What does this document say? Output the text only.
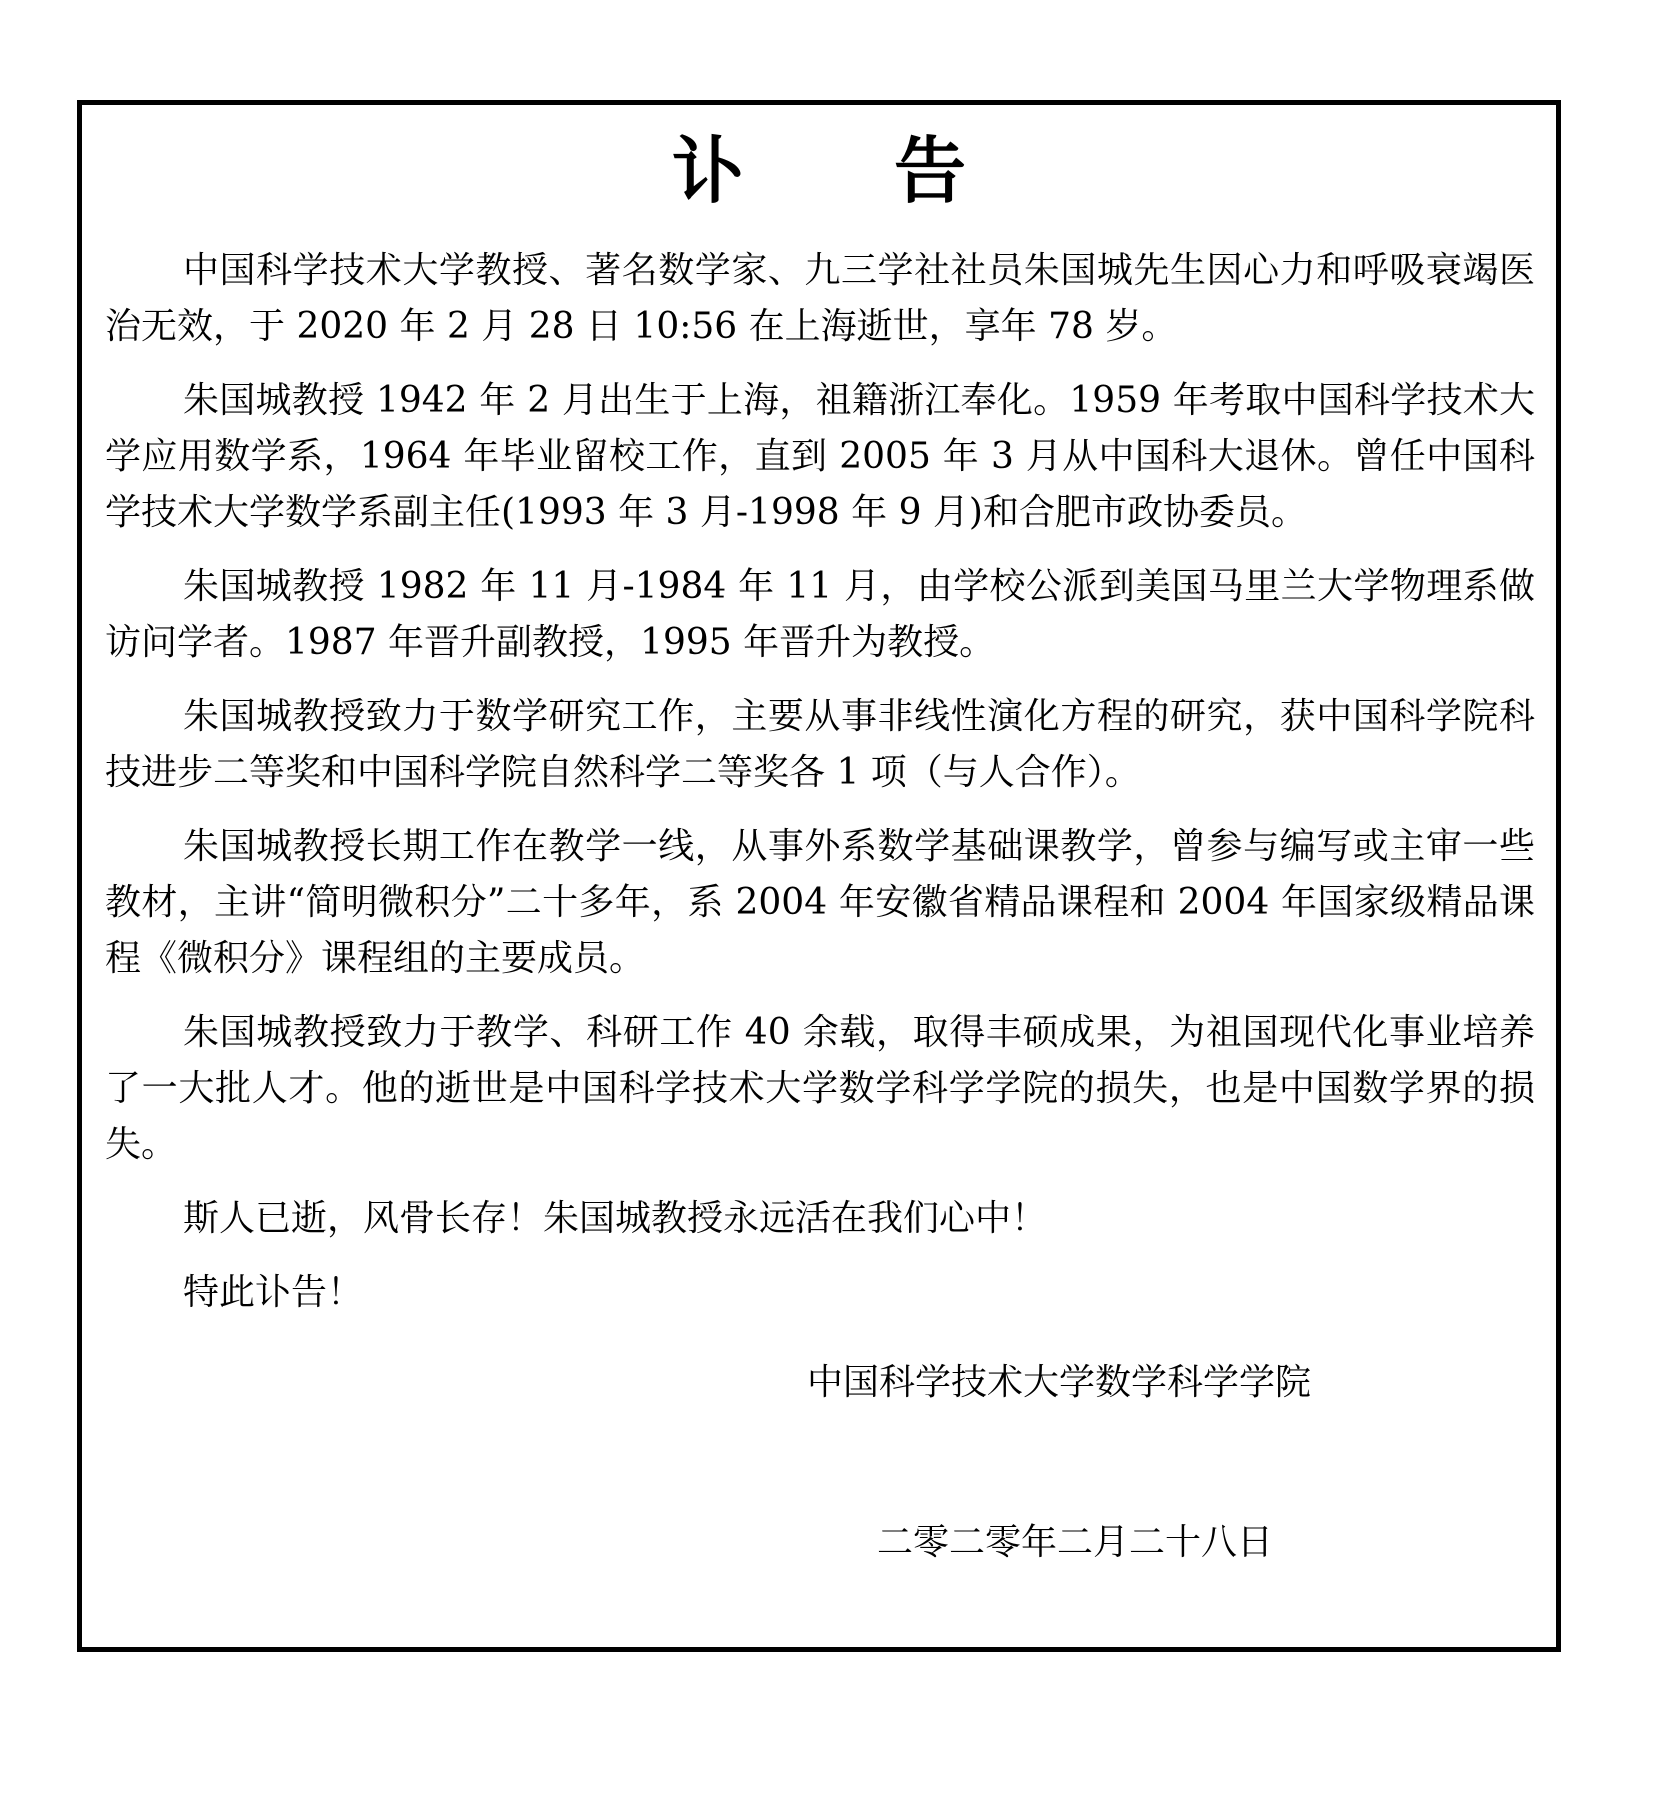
讣告

中国科学技术大学教授、著名数学家、九三学社社员朱国城先生因心力和呼吸衰竭医治无效，于 2020 年 2 月 28 日 10:56 在上海逝世，享年 78 岁。

朱国城教授 1942 年 2 月出生于上海，祖籍浙江奉化。1959 年考取中国科学技术大学应用数学系，1964 年毕业留校工作，直到 2005 年 3 月从中国科大退休。曾任中国科学技术大学数学系副主任(1993 年 3 月-1998 年 9 月)和合肥市政协委员。

朱国城教授 1982 年 11 月-1984 年 11 月，由学校公派到美国马里兰大学物理系做访问学者。1987 年晋升副教授，1995 年晋升为教授。

朱国城教授致力于数学研究工作，主要从事非线性演化方程的研究，获中国科学院科技进步二等奖和中国科学院自然科学二等奖各 1 项（与人合作）。

朱国城教授长期工作在教学一线，从事外系数学基础课教学，曾参与编写或主审一些教材，主讲“简明微积分”二十多年，系 2004 年安徽省精品课程和 2004 年国家级精品课程《微积分》课程组的主要成员。

朱国城教授致力于教学、科研工作 40 余载，取得丰硕成果，为祖国现代化事业培养了一大批人才。他的逝世是中国科学技术大学数学科学学院的损失，也是中国数学界的损失。

斯人已逝，风骨长存！朱国城教授永远活在我们心中！

特此讣告！

中国科学技术大学数学科学学院
二零二零年二月二十八日
